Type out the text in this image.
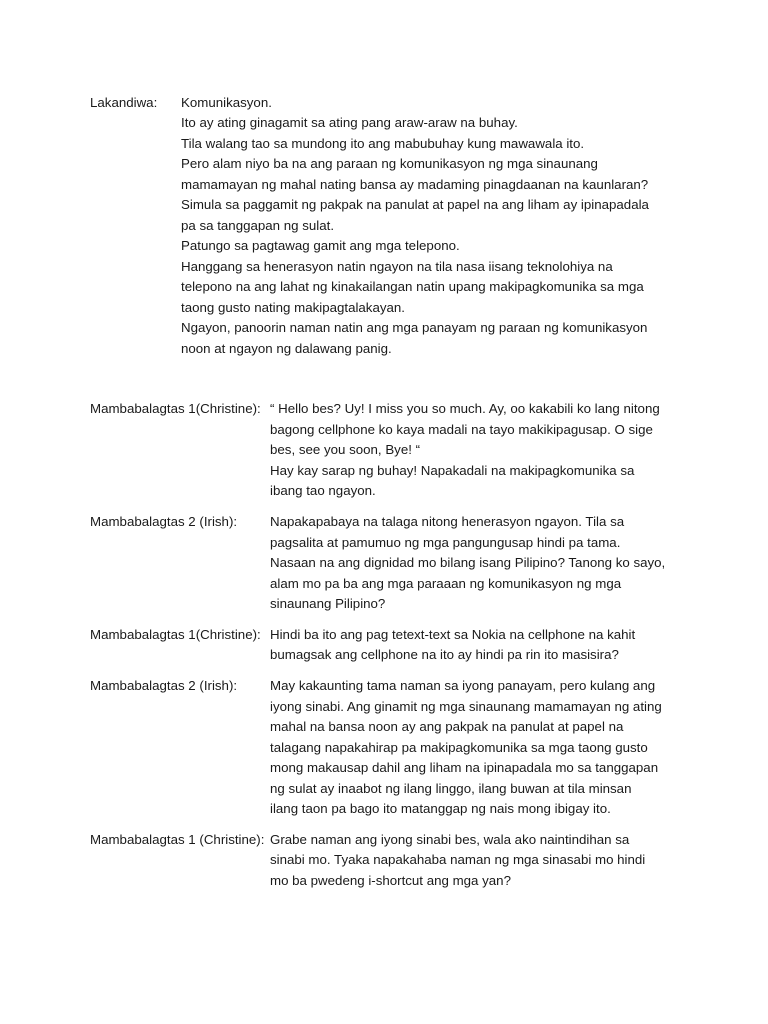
Lakandiwa: Komunikasyon.
Ito ay ating ginagamit sa ating pang araw-araw na buhay.
Tila walang tao sa mundong ito ang mabubuhay kung mawawala ito.
Pero alam niyo ba na ang paraan ng komunikasyon ng mga sinaunang
mamamayan ng mahal nating bansa ay madaming pinagdaanan na kaunlaran?
Simula sa paggamit ng pakpak na panulat at papel na ang liham ay ipinapadala
pa sa tanggapan ng sulat.
Patungo sa pagtawag gamit ang mga telepono.
Hanggang sa henerasyon natin ngayon na tila nasa iisang teknolohiya na
telepono na ang lahat ng kinakailangan natin upang makipagkomunika sa mga
taong gusto nating makipagtalakayan.
Ngayon, panoorin naman natin ang mga panayam ng paraan ng komunikasyon
noon at ngayon ng dalawang panig.
Mambabalagtas 1(Christine): “ Hello bes? Uy! I miss you so much. Ay, oo kakabili ko lang nitong
bagong cellphone ko kaya madali na tayo makikipagusap. O sige
bes, see you soon, Bye! “
Hay kay sarap ng buhay! Napakadali na makipagkomunika sa
ibang tao ngayon.
Mambabalagtas 2 (Irish): Napakapabaya na talaga nitong henerasyon ngayon. Tila sa
pagsalita at pamumuo ng mga pangungusap hindi pa tama.
Nasaan na ang dignidad mo bilang isang Pilipino? Tanong ko sayo,
alam mo pa ba ang mga paraaan ng komunikasyon ng mga
sinaunang Pilipino?
Mambabalagtas 1(Christine): Hindi ba ito ang pag tetext-text sa Nokia na cellphone na kahit
bumagsak ang cellphone na ito ay hindi pa rin ito masisira?
Mambabalagtas 2 (Irish): May kakaunting tama naman sa iyong panayam, pero kulang ang
iyong sinabi. Ang ginamit ng mga sinaunang mamamayan ng ating
mahal na bansa noon ay ang pakpak na panulat at papel na
talagang napakahirap pa makipagkomunika sa mga taong gusto
mong makausap dahil ang liham na ipinapadala mo sa tanggapan
ng sulat ay inaabot ng ilang linggo, ilang buwan at tila minsan
ilang taon pa bago ito matanggap ng nais mong ibigay ito.
Mambabalagtas 1 (Christine): Grabe naman ang iyong sinabi bes, wala ako naintindihan sa
sinabi mo. Tyaka napakahaba naman ng mga sinasabi mo hindi
mo ba pwedeng i-shortcut ang mga yan?
